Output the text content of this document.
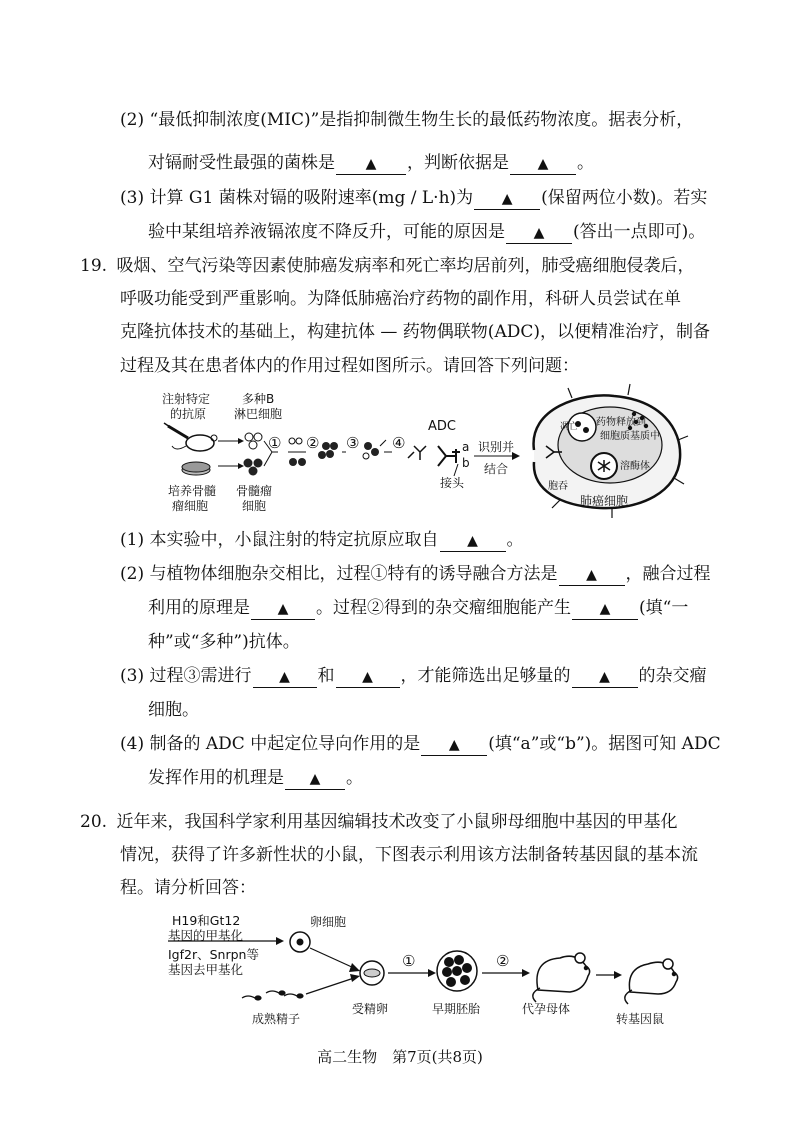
(2) “最低抑制浓度(MIC)”是指抑制微生物生长的最低药物浓度。据表分析，
对镉耐受性最强的菌株是 ▲	，判断依据是 ▲	。
(3) 计算 G1 菌株对镉的吸附速率(mg / L·h)为 ▲	(保留两位小数)。若实
验中某组培养液镉浓度不降反升，可能的原因是 ▲	(答出一点即可)。
19. 吸烟、空气污染等因素使肺癌发病率和死亡率均居前列，肺受癌细胞侵袭后，
呼吸功能受到严重影响。为降低肺癌治疗药物的副作用，科研人员尝试在单
克隆抗体技术的基础上，构建抗体 — 药物偶联物(ADC)，以便精准治疗，制备
过程及其在患者体内的作用过程如图所示。请回答下列问题：
注射特定
的抗原
多种B
淋巴细胞
培养骨髓
瘤细胞
骨髓瘤
细胞
① ② ③ ④
ADC
a
b
接头
识别并
结合
胞吞
药物释放到
细胞质基质中
溶酶体
凋亡
肺癌细胞
(1) 本实验中，小鼠注射的特定抗原应取自 ▲	。
(2) 与植物体细胞杂交相比，过程①特有的诱导融合方法是 ▲	，融合过程
利用的原理是 ▲	。过程②得到的杂交瘤细胞能产生 ▲	(填“一
种”或“多种”)抗体。
(3) 过程③需进行 ▲	和 ▲	，才能筛选出足够量的 ▲	的杂交瘤
细胞。
(4) 制备的 ADC 中起定位导向作用的是 ▲	(填“a”或“b”)。据图可知 ADC
发挥作用的机理是 ▲	。
20. 近年来，我国科学家利用基因编辑技术改变了小鼠卵母细胞中基因的甲基化
情况，获得了许多新性状的小鼠，下图表示利用该方法制备转基因鼠的基本流
程。请分析回答：
H19和Gt12
基因的甲基化
Igf2r、Snrpn等
基因去甲基化
卵细胞
成熟精子
受精卵	早期胚胎	代孕母体
转基因鼠
①	②
高二生物　第7页(共8页)
